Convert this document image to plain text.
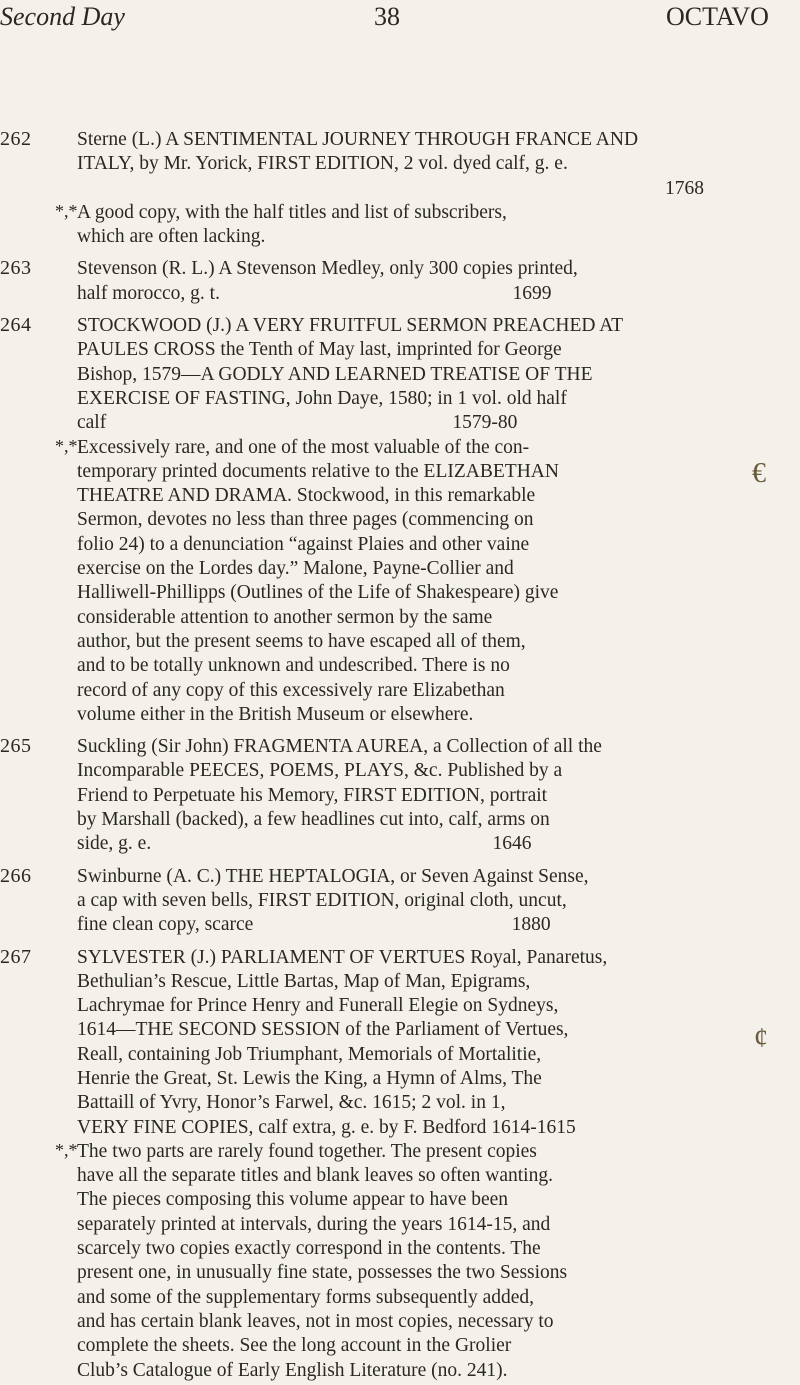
Second Day	38	OCTAVO
262 Sterne (L.) A SENTIMENTAL JOURNEY THROUGH FRANCE AND
ITALY, by Mr. Yorick, FIRST EDITION, 2 vol. dyed calf, g. e.
1768
*,* A good copy, with the half titles and list of subscribers,
which are often lacking.
263 Stevenson (R. L.) A Stevenson Medley, only 300 copies printed,
half morocco, g. t.                                                            1699
264 STOCKWOOD (J.) A VERY FRUITFUL SERMON PREACHED AT
PAULES CROSS the Tenth of May last, imprinted for George
Bishop, 1579—A GODLY AND LEARNED TREATISE OF THE
EXERCISE OF FASTING, John Daye, 1580; in 1 vol. old half
calf                                                                       1579-80
*,* Excessively rare, and one of the most valuable of the con-
temporary printed documents relative to the ELIZABETHAN
THEATRE AND DRAMA. Stockwood, in this remarkable
Sermon, devotes no less than three pages (commencing on
folio 24) to a denunciation “against Plaies and other vaine
exercise on the Lordes day.” Malone, Payne-Collier and
Halliwell-Phillipps (Outlines of the Life of Shakespeare) give
considerable attention to another sermon by the same
author, but the present seems to have escaped all of them,
and to be totally unknown and undescribed. There is no
record of any copy of this excessively rare Elizabethan
volume either in the British Museum or elsewhere.
265 Suckling (Sir John) FRAGMENTA AUREA, a Collection of all the
Incomparable PEECES, POEMS, PLAYS, &c. Published by a
Friend to Perpetuate his Memory, FIRST EDITION, portrait
by Marshall (backed), a few headlines cut into, calf, arms on
side, g. e.                                                                      1646
266 Swinburne (A. C.) THE HEPTALOGIA, or Seven Against Sense,
a cap with seven bells, FIRST EDITION, original cloth, uncut,
fine clean copy, scarce                                                     1880
267 SYLVESTER (J.) PARLIAMENT OF VERTUES Royal, Panaretus,
Bethulian’s Rescue, Little Bartas, Map of Man, Epigrams,
Lachrymae for Prince Henry and Funerall Elegie on Sydneys,
1614—THE SECOND SESSION of the Parliament of Vertues,
Reall, containing Job Triumphant, Memorials of Mortalitie,
Henrie the Great, St. Lewis the King, a Hymn of Alms, The
Battaill of Yvry, Honor’s Farwel, &c. 1615; 2 vol. in 1,
VERY FINE COPIES, calf extra, g. e. by F. Bedford 1614-1615
*,* The two parts are rarely found together. The present copies
have all the separate titles and blank leaves so often wanting.
The pieces composing this volume appear to have been
separately printed at intervals, during the years 1614-15, and
scarcely two copies exactly correspond in the contents. The
present one, in unusually fine state, possesses the two Sessions
and some of the supplementary forms subsequently added,
and has certain blank leaves, not in most copies, necessary to
complete the sheets. See the long account in the Grolier
Club’s Catalogue of Early English Literature (no. 241).
€
¢
